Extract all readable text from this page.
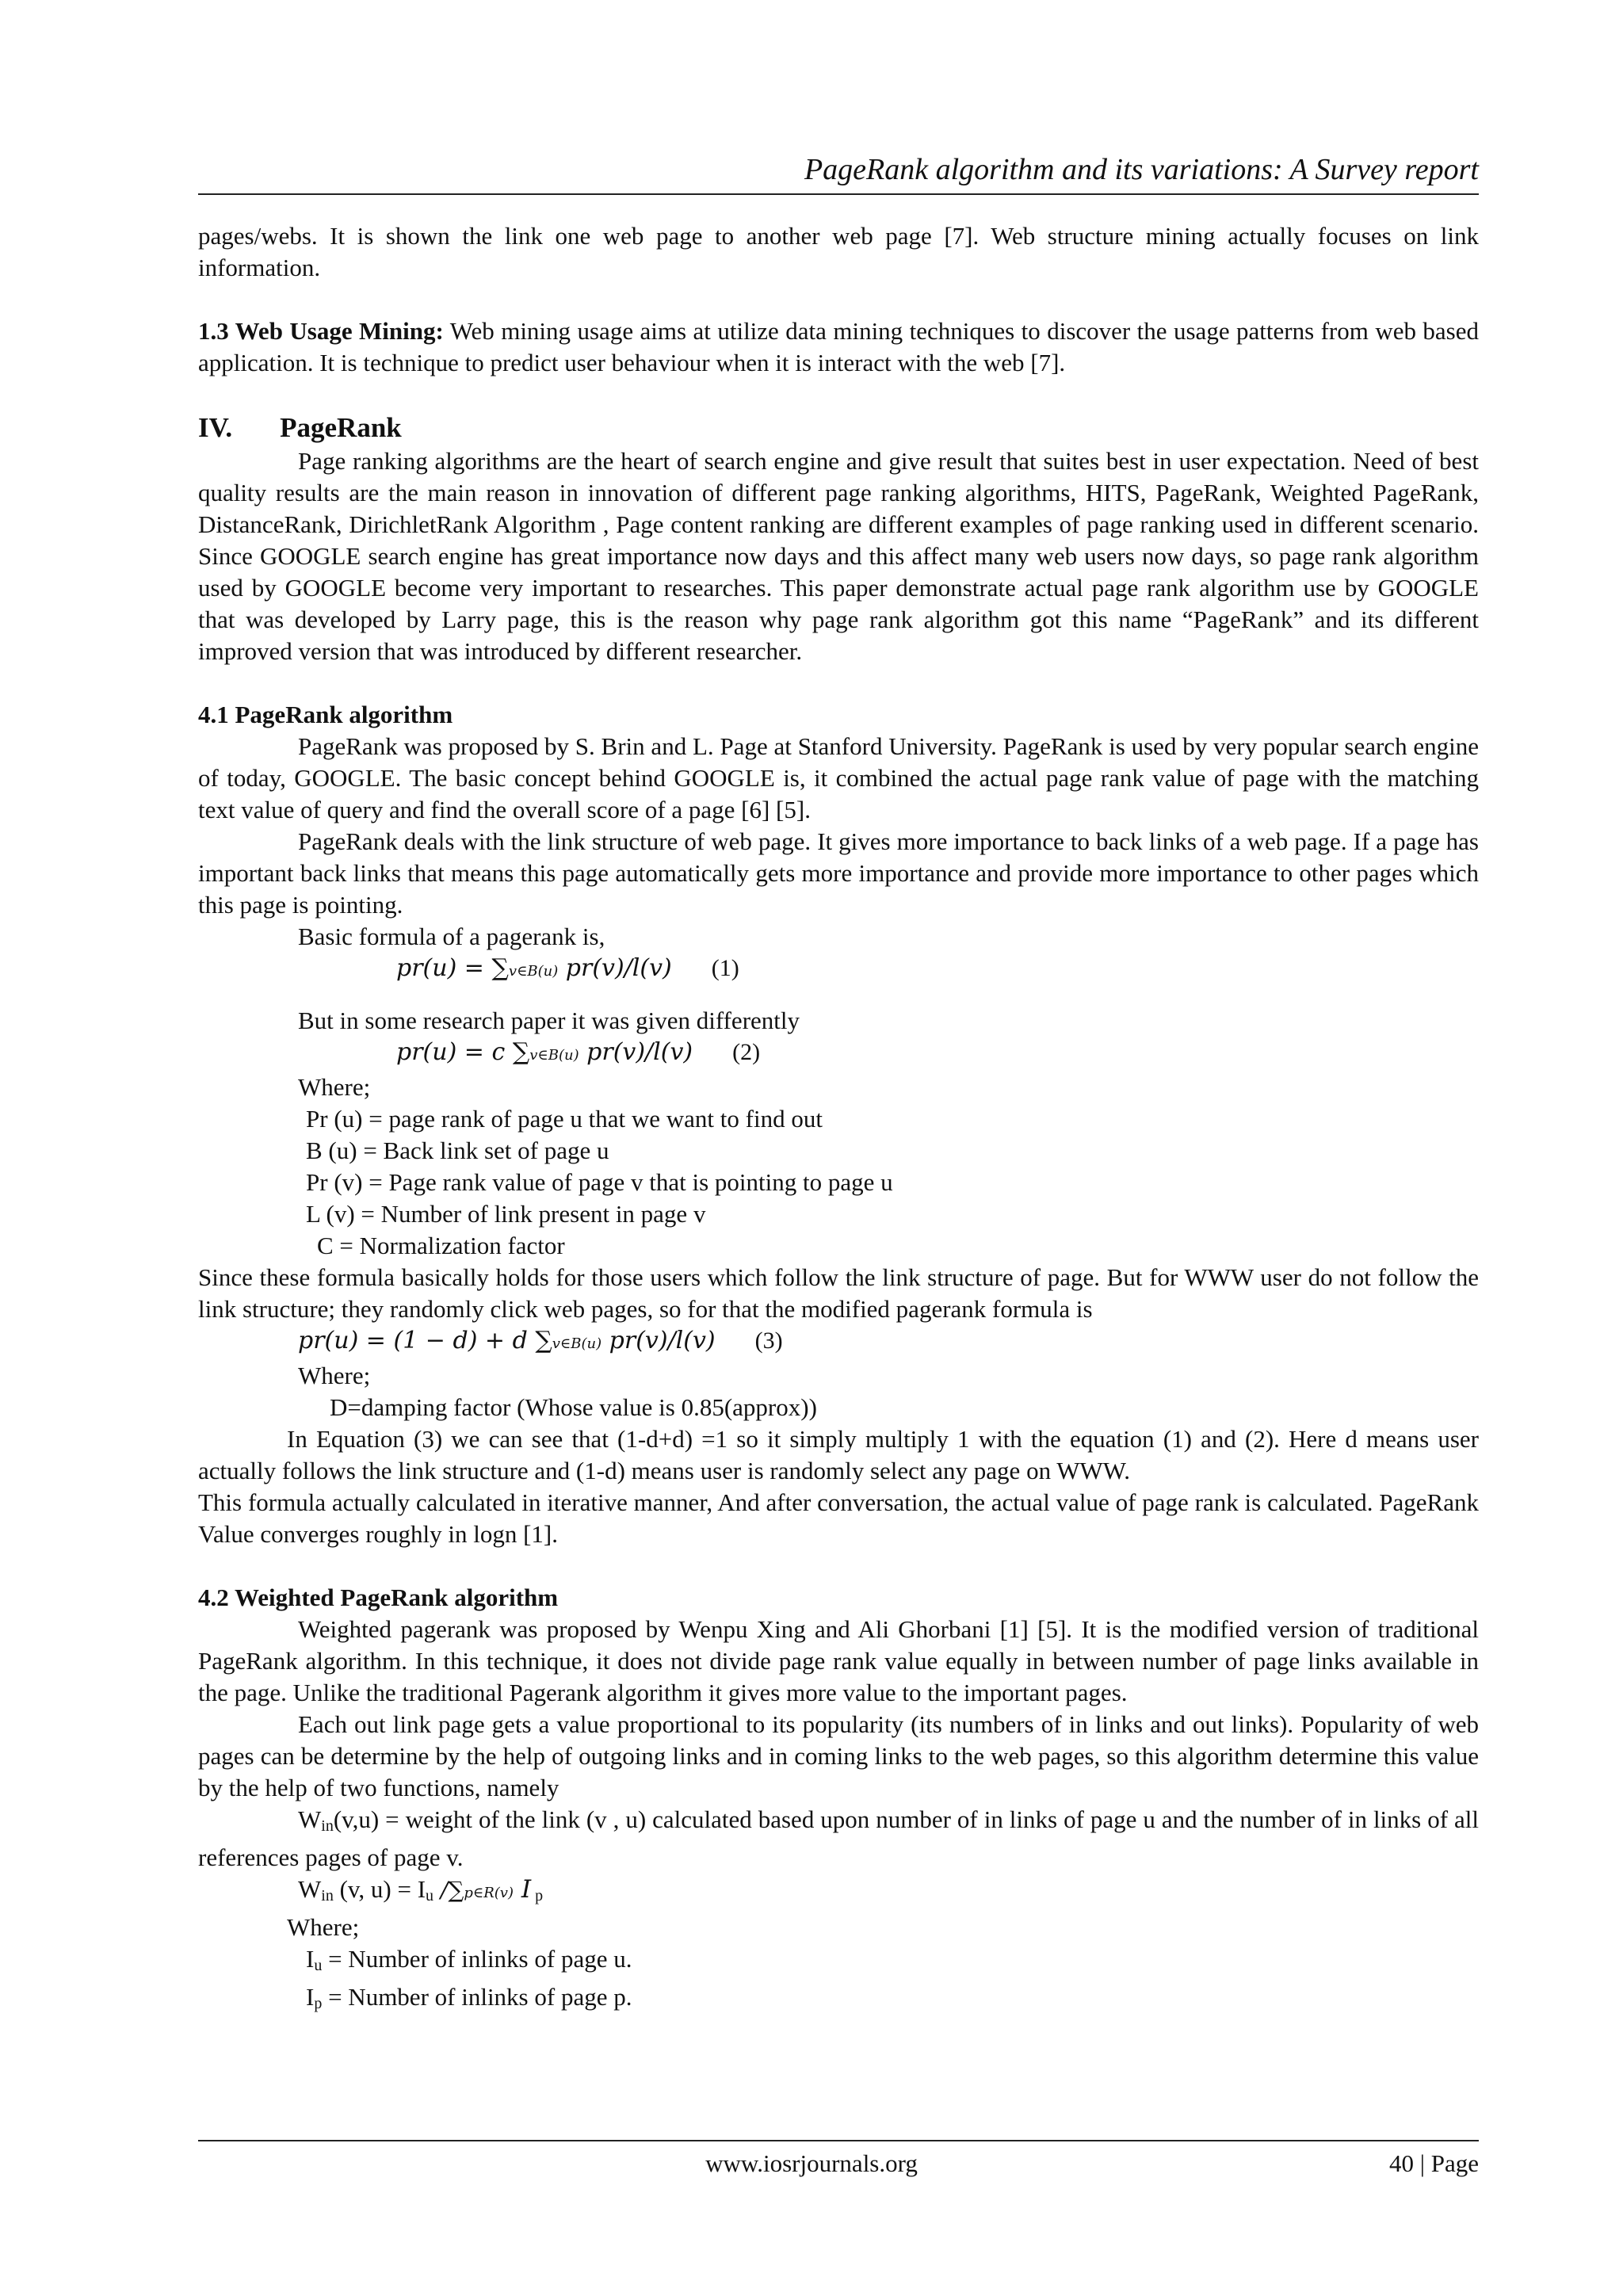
PageRank algorithm and its variations: A Survey report

pages/webs. It is shown the link one web page to another web page [7]. Web structure mining actually focuses on link information.

1.3 Web Usage Mining: Web mining usage aims at utilize data mining techniques to discover the usage patterns from web based application. It is technique to predict user behaviour when it is interact with the web [7].

IV. PageRank

Page ranking algorithms are the heart of search engine and give result that suites best in user expectation. Need of best quality results are the main reason in innovation of different page ranking algorithms, HITS, PageRank, Weighted PageRank, DistanceRank, DirichletRank Algorithm , Page content ranking are different examples of page ranking used in different scenario. Since GOOGLE search engine has great importance now days and this affect many web users now days, so page rank algorithm used by GOOGLE become very important to researches. This paper demonstrate actual page rank algorithm use by GOOGLE that was developed by Larry page, this is the reason why page rank algorithm got this name “PageRank” and its different improved version that was introduced by different researcher.

4.1 PageRank algorithm

PageRank was proposed by S. Brin and L. Page at Stanford University. PageRank is used by very popular search engine of today, GOOGLE. The basic concept behind GOOGLE is, it combined the actual page rank value of page with the matching text value of query and find the overall score of a page [6] [5].

PageRank deals with the link structure of web page. It gives more importance to back links of a web page. If a page has important back links that means this page automatically gets more importance and provide more importance to other pages which this page is pointing.

Basic formula of a pagerank is,

pr(u) = ∑v∈B(u) pr(v)/l(v) (1)

But in some research paper it was given differently

pr(u) = c ∑v∈B(u) pr(v)/l(v) (2)

Where;

Pr (u) = page rank of page u that we want to find out

B (u) = Back link set of page u

Pr (v) = Page rank value of page v that is pointing to page u

L (v) = Number of link present in page v

C = Normalization factor

Since these formula basically holds for those users which follow the link structure of page. But for WWW user do not follow the link structure; they randomly click web pages, so for that the modified pagerank formula is

pr(u) = (1 − d) + d ∑v∈B(u) pr(v)/l(v) (3)

Where;

D=damping factor (Whose value is 0.85(approx))

In Equation (3) we can see that (1-d+d) =1 so it simply multiply 1 with the equation (1) and (2). Here d means user actually follows the link structure and (1-d) means user is randomly select any page on WWW.

This formula actually calculated in iterative manner, And after conversation, the actual value of page rank is calculated. PageRank Value converges roughly in logn [1].

4.2 Weighted PageRank algorithm

Weighted pagerank was proposed by Wenpu Xing and Ali Ghorbani [1] [5]. It is the modified version of traditional PageRank algorithm. In this technique, it does not divide page rank value equally in between number of page links available in the page. Unlike the traditional Pagerank algorithm it gives more value to the important pages.

Each out link page gets a value proportional to its popularity (its numbers of in links and out links). Popularity of web pages can be determine by the help of outgoing links and in coming links to the web pages, so this algorithm determine this value by the help of two functions, namely

$W_{in}(v,u)$ = weight of the link (v , u) calculated based upon number of in links of page u and the number of in links of all references pages of page v.

$W_{in}$ (v, $u) = I_u$ /∑p∈R(v) I $_p$

Where;

$I_u$ = Number of inlinks of page u.

$I_p$ = Number of inlinks of page p.

www.iosrjournals.org	40 | Page
